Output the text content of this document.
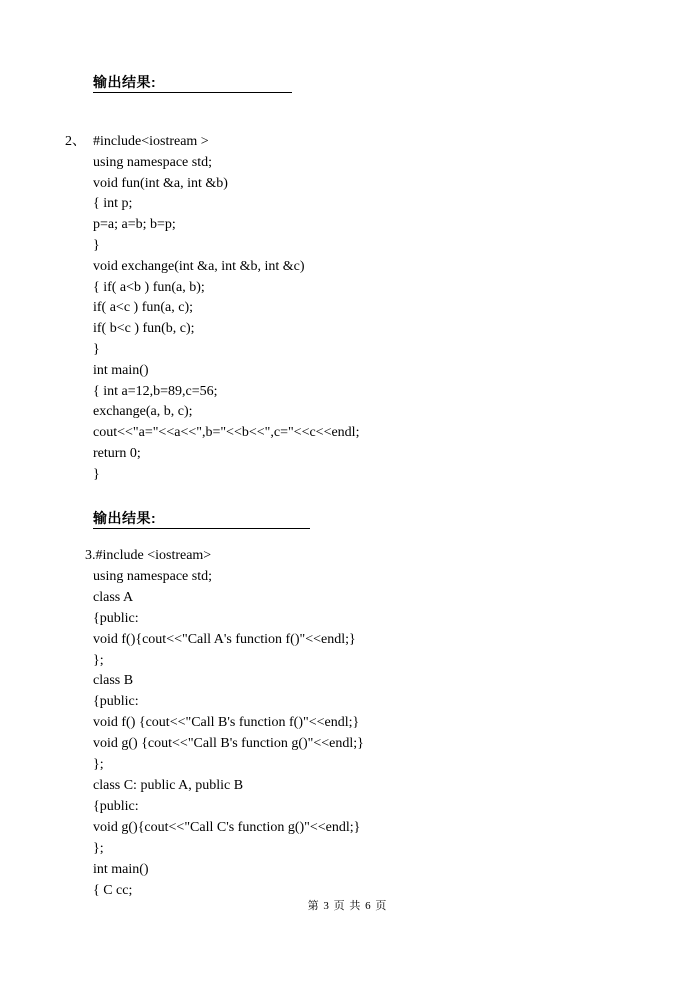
输出结果:
2、 #include<iostream >
using namespace std;
void fun(int &a, int &b)
{ int p;
p=a; a=b; b=p;
}
void exchange(int &a, int &b, int &c)
{ if( a<b ) fun(a, b);
if( a<c ) fun(a, c);
if( b<c ) fun(b, c);
}
int main()
{ int a=12,b=89,c=56;
exchange(a, b, c);
cout<<"a="<<a<<",b="<<b<<",c="<<c<<endl;
return 0;
}
输出结果:
3.#include <iostream>
using namespace std;
class A
{public:
void f(){cout<<"Call A's function f()"<<endl;}
};
class B
{public:
void f() {cout<<"Call B's function f()"<<endl;}
void g() {cout<<"Call B's function g()"<<endl;}
};
class C: public A, public B
{public:
void g(){cout<<"Call C's function g()"<<endl;}
};
int main()
{ C cc;
第 3 页 共 6 页
